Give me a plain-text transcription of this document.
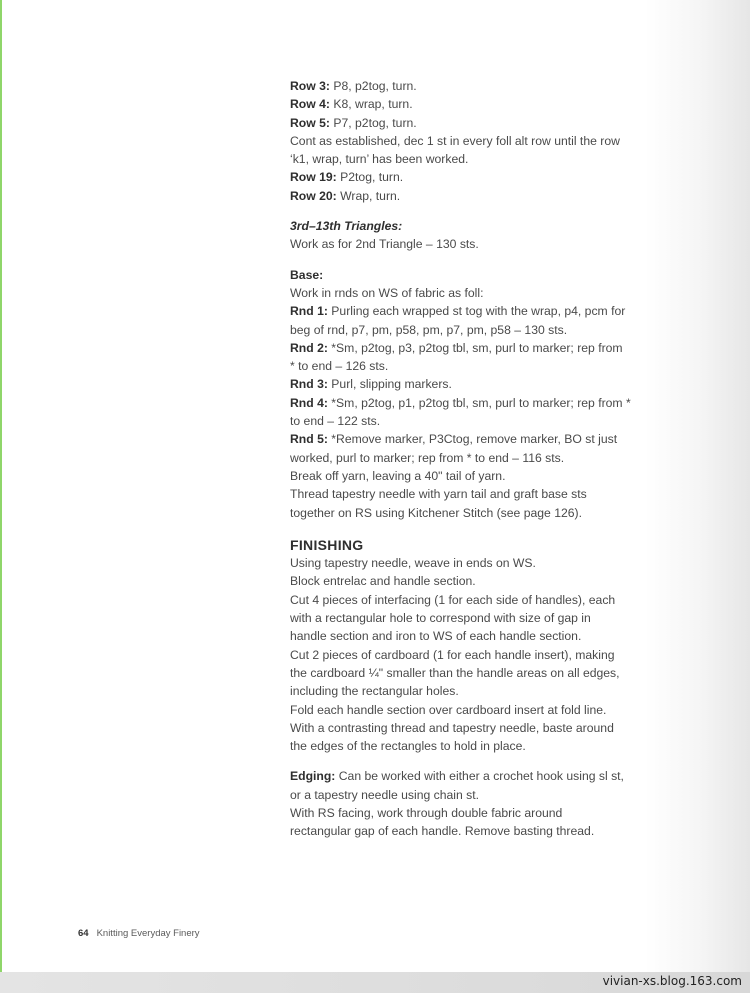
Row 3: P8, p2tog, turn.
Row 4: K8, wrap, turn.
Row 5: P7, p2tog, turn.
Cont as established, dec 1 st in every foll alt row until the row
‘k1, wrap, turn’ has been worked.
Row 19: P2tog, turn.
Row 20: Wrap, turn.
3rd–13th Triangles:
Work as for 2nd Triangle – 130 sts.
Base:
Work in rnds on WS of fabric as foll:
Rnd 1: Purling each wrapped st tog with the wrap, p4, pcm for
beg of rnd, p7, pm, p58, pm, p7, pm, p58 – 130 sts.
Rnd 2: *Sm, p2tog, p3, p2tog tbl, sm, purl to marker; rep from
* to end – 126 sts.
Rnd 3: Purl, slipping markers.
Rnd 4: *Sm, p2tog, p1, p2tog tbl, sm, purl to marker; rep from *
to end – 122 sts.
Rnd 5: *Remove marker, P3Ctog, remove marker, BO st just
worked, purl to marker; rep from * to end – 116 sts.
Break off yarn, leaving a 40" tail of yarn.
Thread tapestry needle with yarn tail and graft base sts
together on RS using Kitchener Stitch (see page 126).
FINISHING
Using tapestry needle, weave in ends on WS.
Block entrelac and handle section.
Cut 4 pieces of interfacing (1 for each side of handles), each
with a rectangular hole to correspond with size of gap in
handle section and iron to WS of each handle section.
Cut 2 pieces of cardboard (1 for each handle insert), making
the cardboard ¼" smaller than the handle areas on all edges,
including the rectangular holes.
Fold each handle section over cardboard insert at fold line.
With a contrasting thread and tapestry needle, baste around
the edges of the rectangles to hold in place.
Edging: Can be worked with either a crochet hook using sl st,
or a tapestry needle using chain st.
With RS facing, work through double fabric around
rectangular gap of each handle. Remove basting thread.
64 Knitting Everyday Finery
vivian-xs.blog.163.com
